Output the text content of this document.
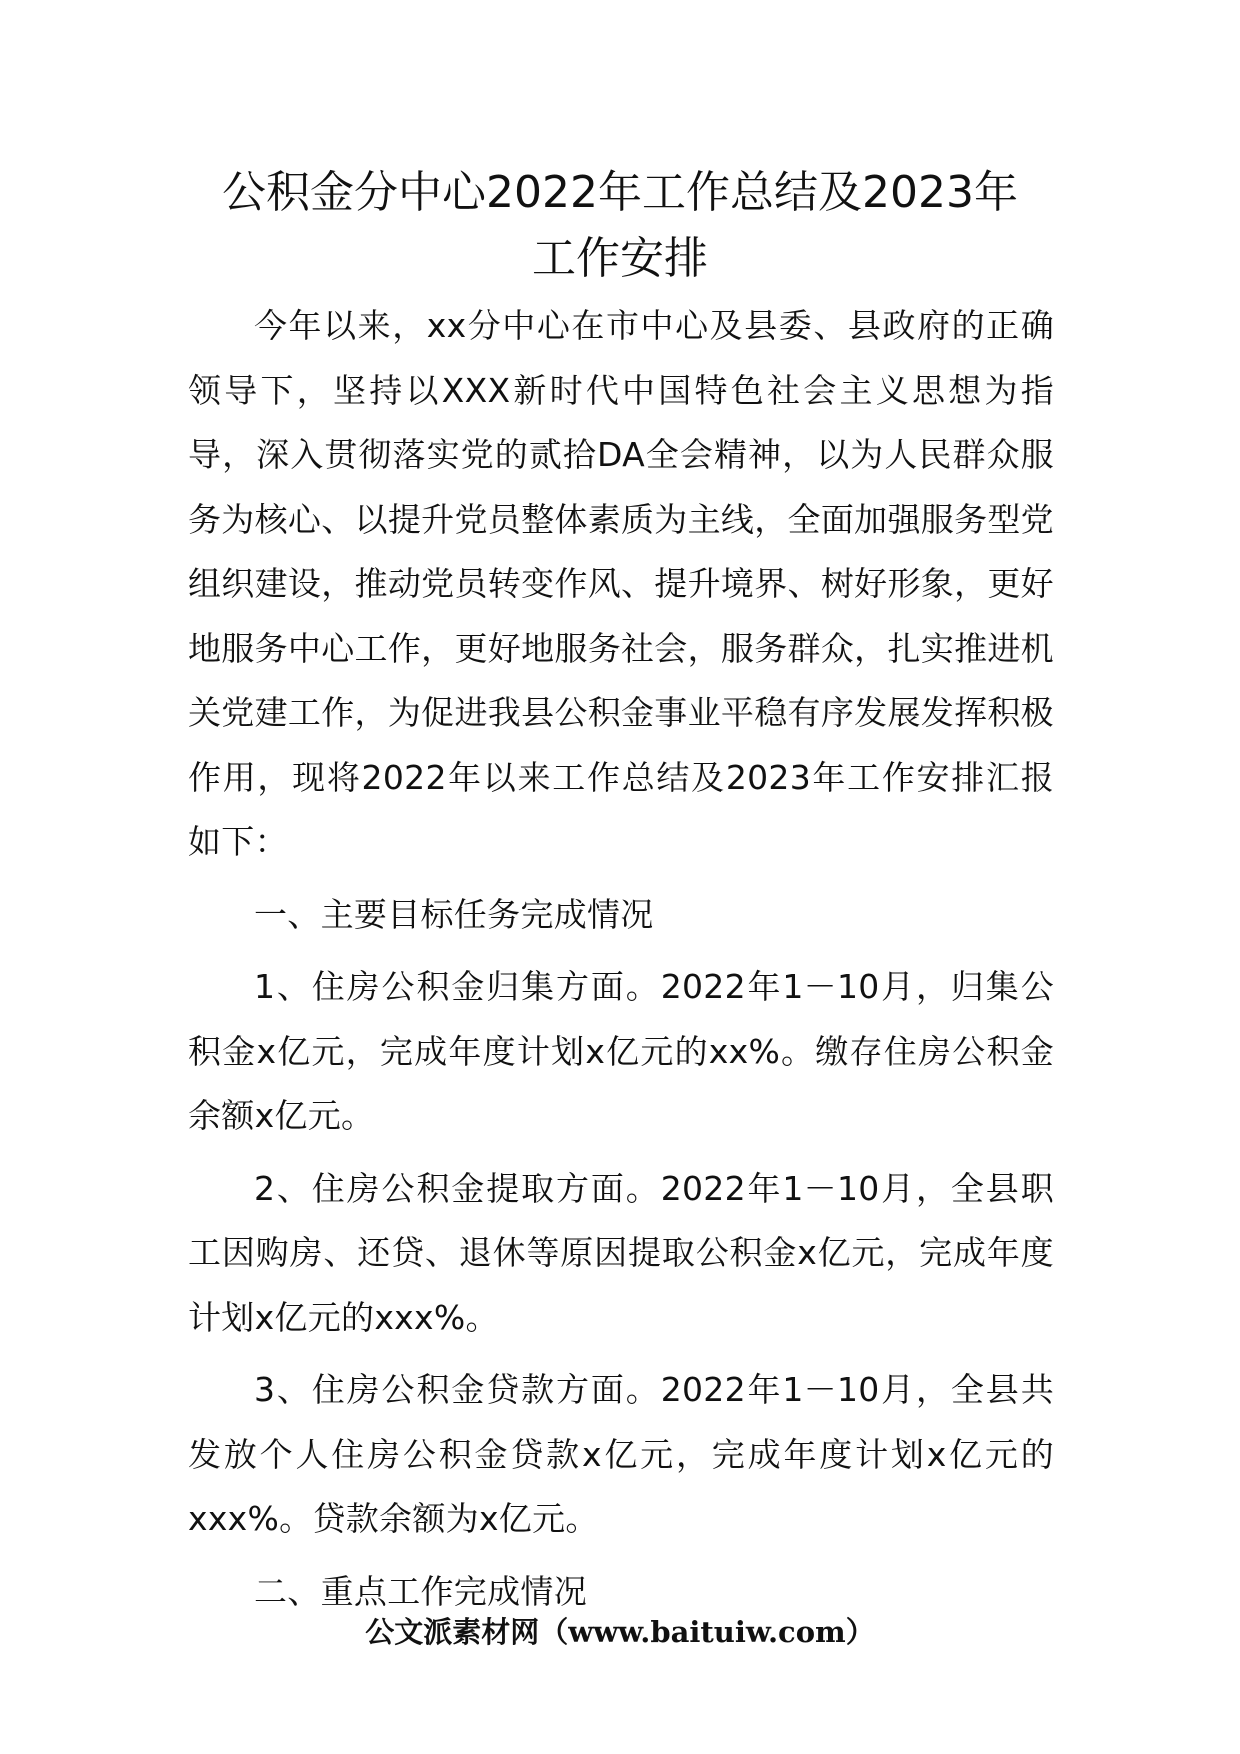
公积金分中心2022年工作总结及2023年
工作安排

今年以来，xx分中心在市中心及县委、县政府的正确领导下，坚持以XXX新时代中国特色社会主义思想为指导，深入贯彻落实党的贰拾DA全会精神，以为人民群众服务为核心、以提升党员整体素质为主线，全面加强服务型党组织建设，推动党员转变作风、提升境界、树好形象，更好地服务中心工作，更好地服务社会，服务群众，扎实推进机关党建工作，为促进我县公积金事业平稳有序发展发挥积极作用，现将2022年以来工作总结及2023年工作安排汇报如下：

一、主要目标任务完成情况

1、住房公积金归集方面。2022年1－10月，归集公积金x亿元，完成年度计划x亿元的xx%。缴存住房公积金余额x亿元。

2、住房公积金提取方面。2022年1－10月，全县职工因购房、还贷、退休等原因提取公积金x亿元，完成年度计划x亿元的xxx%。

3、住房公积金贷款方面。2022年1－10月，全县共发放个人住房公积金贷款x亿元，完成年度计划x亿元的xxx%。贷款余额为x亿元。

二、重点工作完成情况

公文派素材网（www.baituiw.com）
